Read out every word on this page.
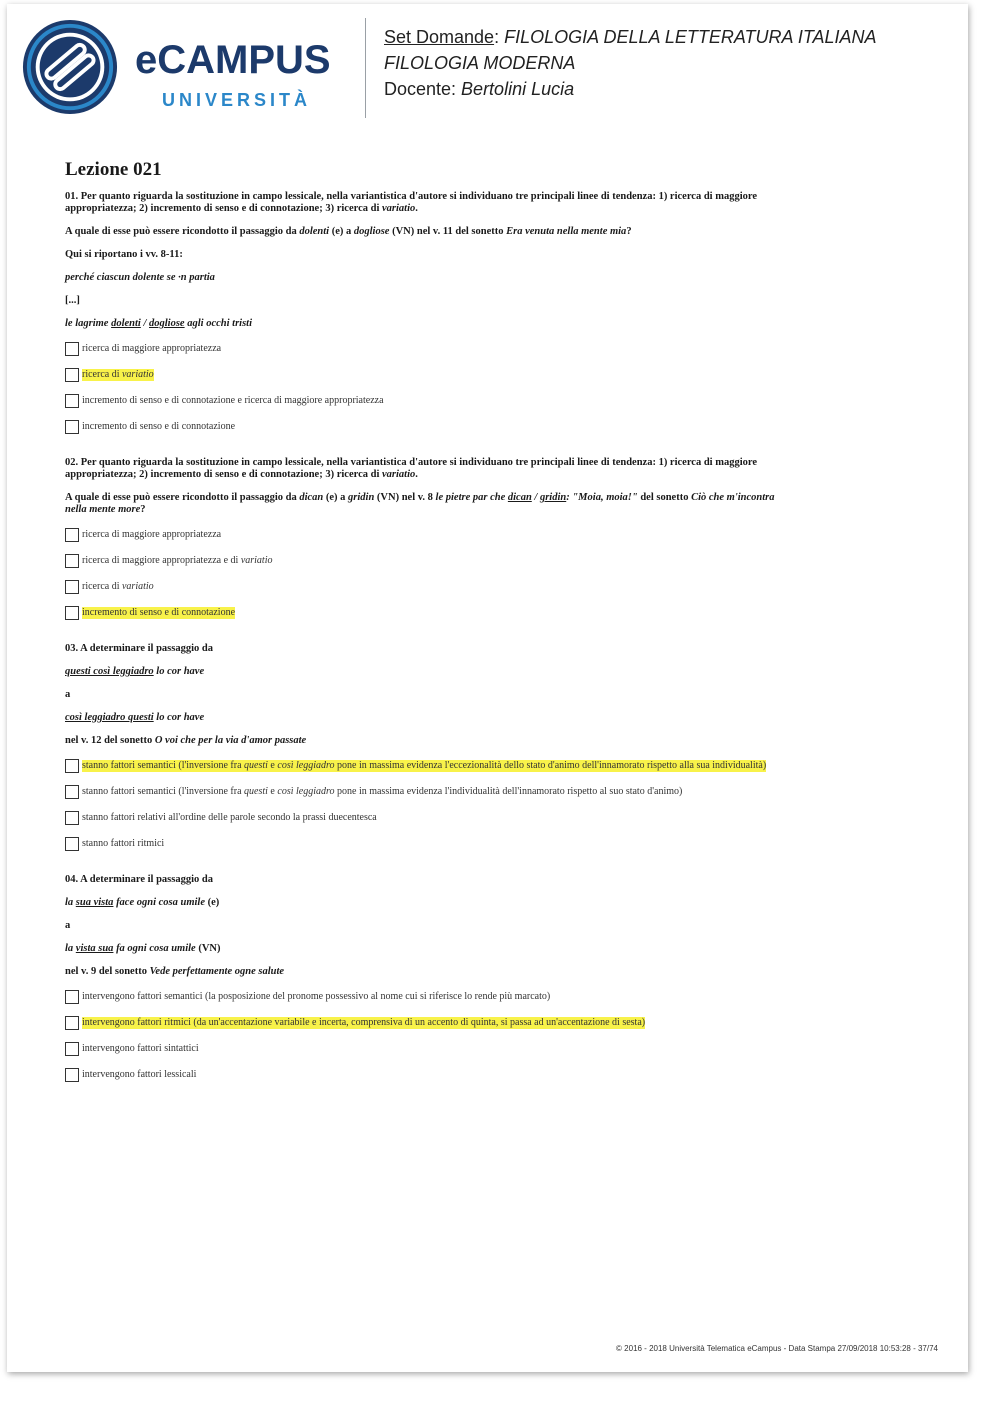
eCAMPUS
UNIVERSITÀ
Set Domande: FILOLOGIA DELLA LETTERATURA ITALIANA
FILOLOGIA MODERNA
Docente: Bertolini Lucia
Lezione 021
01. Per quanto riguarda la sostituzione in campo lessicale, nella variantistica d'autore si individuano tre principali linee di tendenza: 1) ricerca di maggiore
appropriatezza; 2) incremento di senso e di connotazione; 3) ricerca di variatio.
A quale di esse può essere ricondotto il passaggio da dolenti (e) a dogliose (VN) nel v. 11 del sonetto Era venuta nella mente mia?
Qui si riportano i vv. 8-11:
perché ciascun dolente se ·n partia
[...]
le lagrime dolenti / dogliose agli occhi tristi
ricerca di maggiore appropriatezza
ricerca di variatio
incremento di senso e di connotazione e ricerca di maggiore appropriatezza
incremento di senso e di connotazione
02. Per quanto riguarda la sostituzione in campo lessicale, nella variantistica d'autore si individuano tre principali linee di tendenza: 1) ricerca di maggiore
appropriatezza; 2) incremento di senso e di connotazione; 3) ricerca di variatio.
A quale di esse può essere ricondotto il passaggio da dican (e) a gridin (VN) nel v. 8 le pietre par che dican / gridin: "Moia, moia!" del sonetto Ciò che m'incontra
nella mente more?
ricerca di maggiore appropriatezza
ricerca di maggiore appropriatezza e di variatio
ricerca di variatio
incremento di senso e di connotazione
03. A determinare il passaggio da
questi così leggiadro lo cor have
a
così leggiadro questi lo cor have
nel v. 12 del sonetto O voi che per la via d'amor passate
stanno fattori semantici (l'inversione fra questi e così leggiadro pone in massima evidenza l'eccezionalità dello stato d'animo dell'innamorato rispetto alla sua individualità)
stanno fattori semantici (l'inversione fra questi e così leggiadro pone in massima evidenza l'individualità dell'innamorato rispetto al suo stato d'animo)
stanno fattori relativi all'ordine delle parole secondo la prassi duecentesca
stanno fattori ritmici
04. A determinare il passaggio da
la sua vista face ogni cosa umile (e)
a
la vista sua fa ogni cosa umile (VN)
nel v. 9 del sonetto Vede perfettamente ogne salute
intervengono fattori semantici (la posposizione del pronome possessivo al nome cui si riferisce lo rende più marcato)
intervengono fattori ritmici (da un'accentazione variabile e incerta, comprensiva di un accento di quinta, si passa ad un'accentazione di sesta)
intervengono fattori sintattici
intervengono fattori lessicali
© 2016 - 2018 Università Telematica eCampus - Data Stampa 27/09/2018 10:53:28 - 37/74
